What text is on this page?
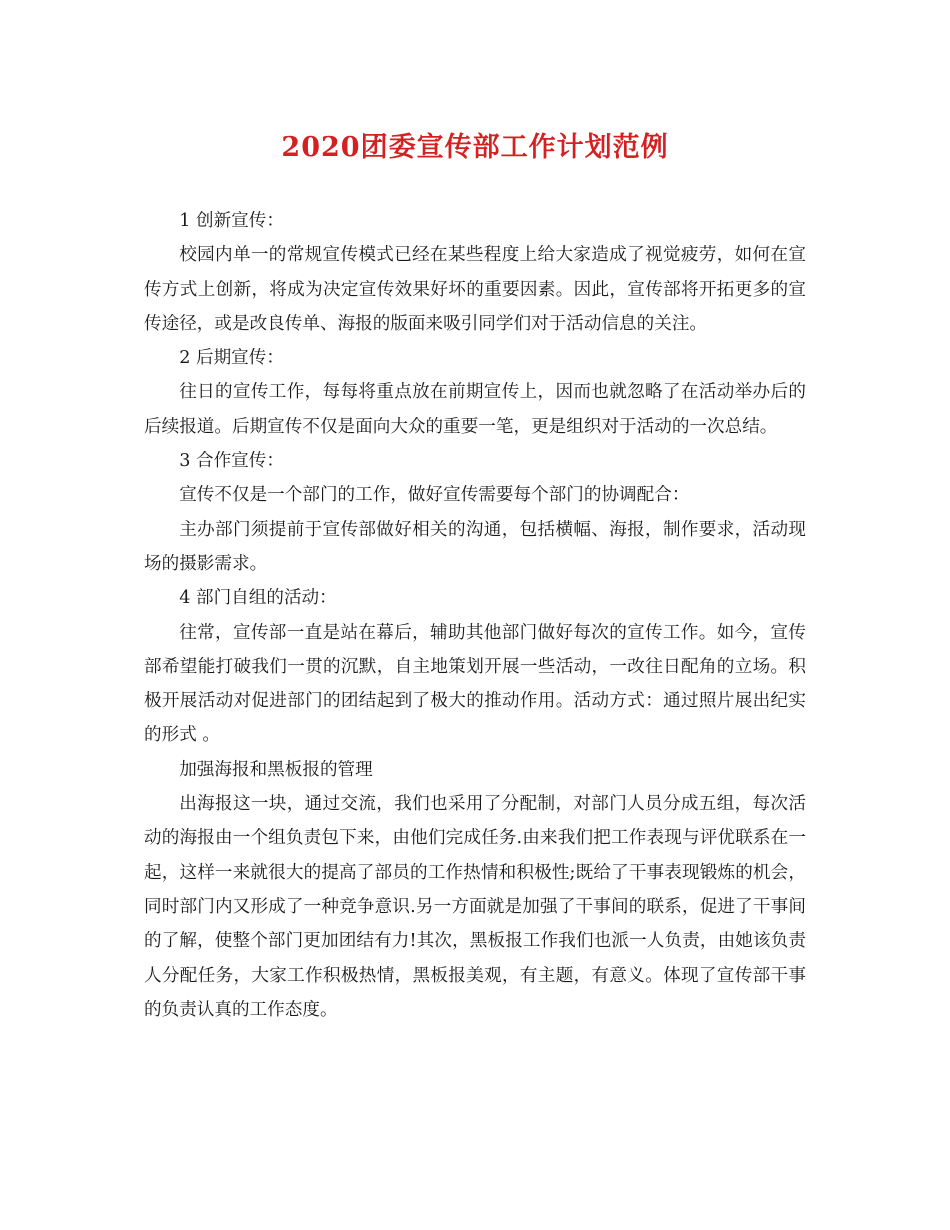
2020团委宣传部工作计划范例

1 创新宣传：

校园内单一的常规宣传模式已经在某些程度上给大家造成了视觉疲劳，如何在宣传方式上创新，将成为决定宣传效果好坏的重要因素。因此，宣传部将开拓更多的宣传途径，或是改良传单、海报的版面来吸引同学们对于活动信息的关注。

2 后期宣传：

往日的宣传工作，每每将重点放在前期宣传上，因而也就忽略了在活动举办后的后续报道。后期宣传不仅是面向大众的重要一笔，更是组织对于活动的一次总结。

3 合作宣传：

宣传不仅是一个部门的工作，做好宣传需要每个部门的协调配合：

主办部门须提前于宣传部做好相关的沟通，包括横幅、海报，制作要求，活动现场的摄影需求。

4 部门自组的活动：

往常，宣传部一直是站在幕后，辅助其他部门做好每次的宣传工作。如今，宣传部希望能打破我们一贯的沉默，自主地策划开展一些活动，一改往日配角的立场。积极开展活动对促进部门的团结起到了极大的推动作用。活动方式：通过照片展出纪实的形式 。

加强海报和黑板报的管理

出海报这一块，通过交流，我们也采用了分配制，对部门人员分成五组，每次活动的海报由一个组负责包下来，由他们完成任务.由来我们把工作表现与评优联系在一起，这样一来就很大的提高了部员的工作热情和积极性;既给了干事表现锻炼的机会，同时部门内又形成了一种竞争意识.另一方面就是加强了干事间的联系，促进了干事间的了解，使整个部门更加团结有力!其次，黑板报工作我们也派一人负责，由她该负责人分配任务，大家工作积极热情，黑板报美观，有主题，有意义。体现了宣传部干事的负责认真的工作态度。
